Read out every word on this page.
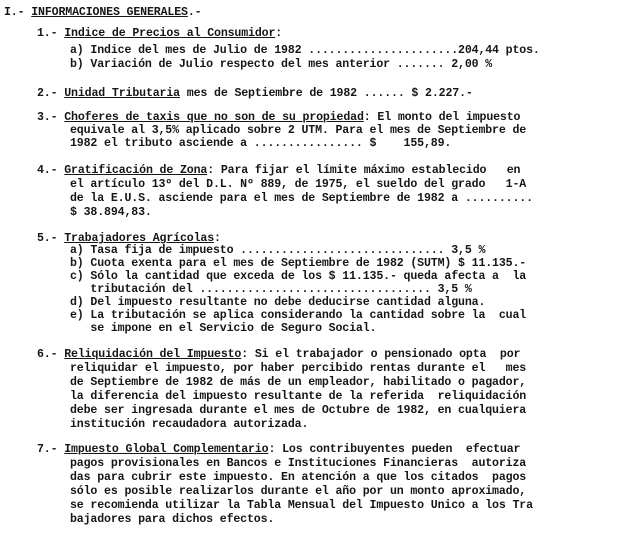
I.- INFORMACIONES GENERALES.-
1.- Indice de Precios al Consumidor:
a) Indice del mes de Julio de 1982 ......................204,44 ptos.
b) Variación de Julio respecto del mes anterior ....... 2,00 %
2.- Unidad Tributaria mes de Septiembre de 1982 ...... $ 2.227.-
3.- Choferes de taxis que no son de su propiedad: El monto del impuesto
equivale al 3,5% aplicado sobre 2 UTM. Para el mes de Septiembre de
1982 el tributo asciende a ................ $    155,89.
4.- Gratificación de Zona: Para fijar el límite máximo establecido   en
el artículo 13º del D.L. Nº 889, de 1975, el sueldo del grado   1-A
de la E.U.S. asciende para el mes de Septiembre de 1982 a ..........
$ 38.894,83.
5.- Trabajadores Agrícolas:
a) Tasa fija de impuesto .............................. 3,5 %
b) Cuota exenta para el mes de Septiembre de 1982 (SUTM) $ 11.135.-
c) Sólo la cantidad que exceda de los $ 11.135.- queda afecta a  la
tributación del .................................. 3,5 %
d) Del impuesto resultante no debe deducirse cantidad alguna.
e) La tributación se aplica considerando la cantidad sobre la  cual
se impone en el Servicio de Seguro Social.
6.- Reliquidación del Impuesto: Si el trabajador o pensionado opta  por
reliquidar el impuesto, por haber percibido rentas durante el   mes
de Septiembre de 1982 de más de un empleador, habilitado o pagador,
la diferencia del impuesto resultante de la referida  reliquidación
debe ser ingresada durante el mes de Octubre de 1982, en cualquiera
institución recaudadora autorizada.
7.- Impuesto Global Complementario: Los contribuyentes pueden  efectuar
pagos provisionales en Bancos e Instituciones Financieras  autoriza
das para cubrir este impuesto. En atención a que los citados  pagos
sólo es posible realizarlos durante el año por un monto aproximado,
se recomienda utilizar la Tabla Mensual del Impuesto Unico a los Tra
bajadores para dichos efectos.
